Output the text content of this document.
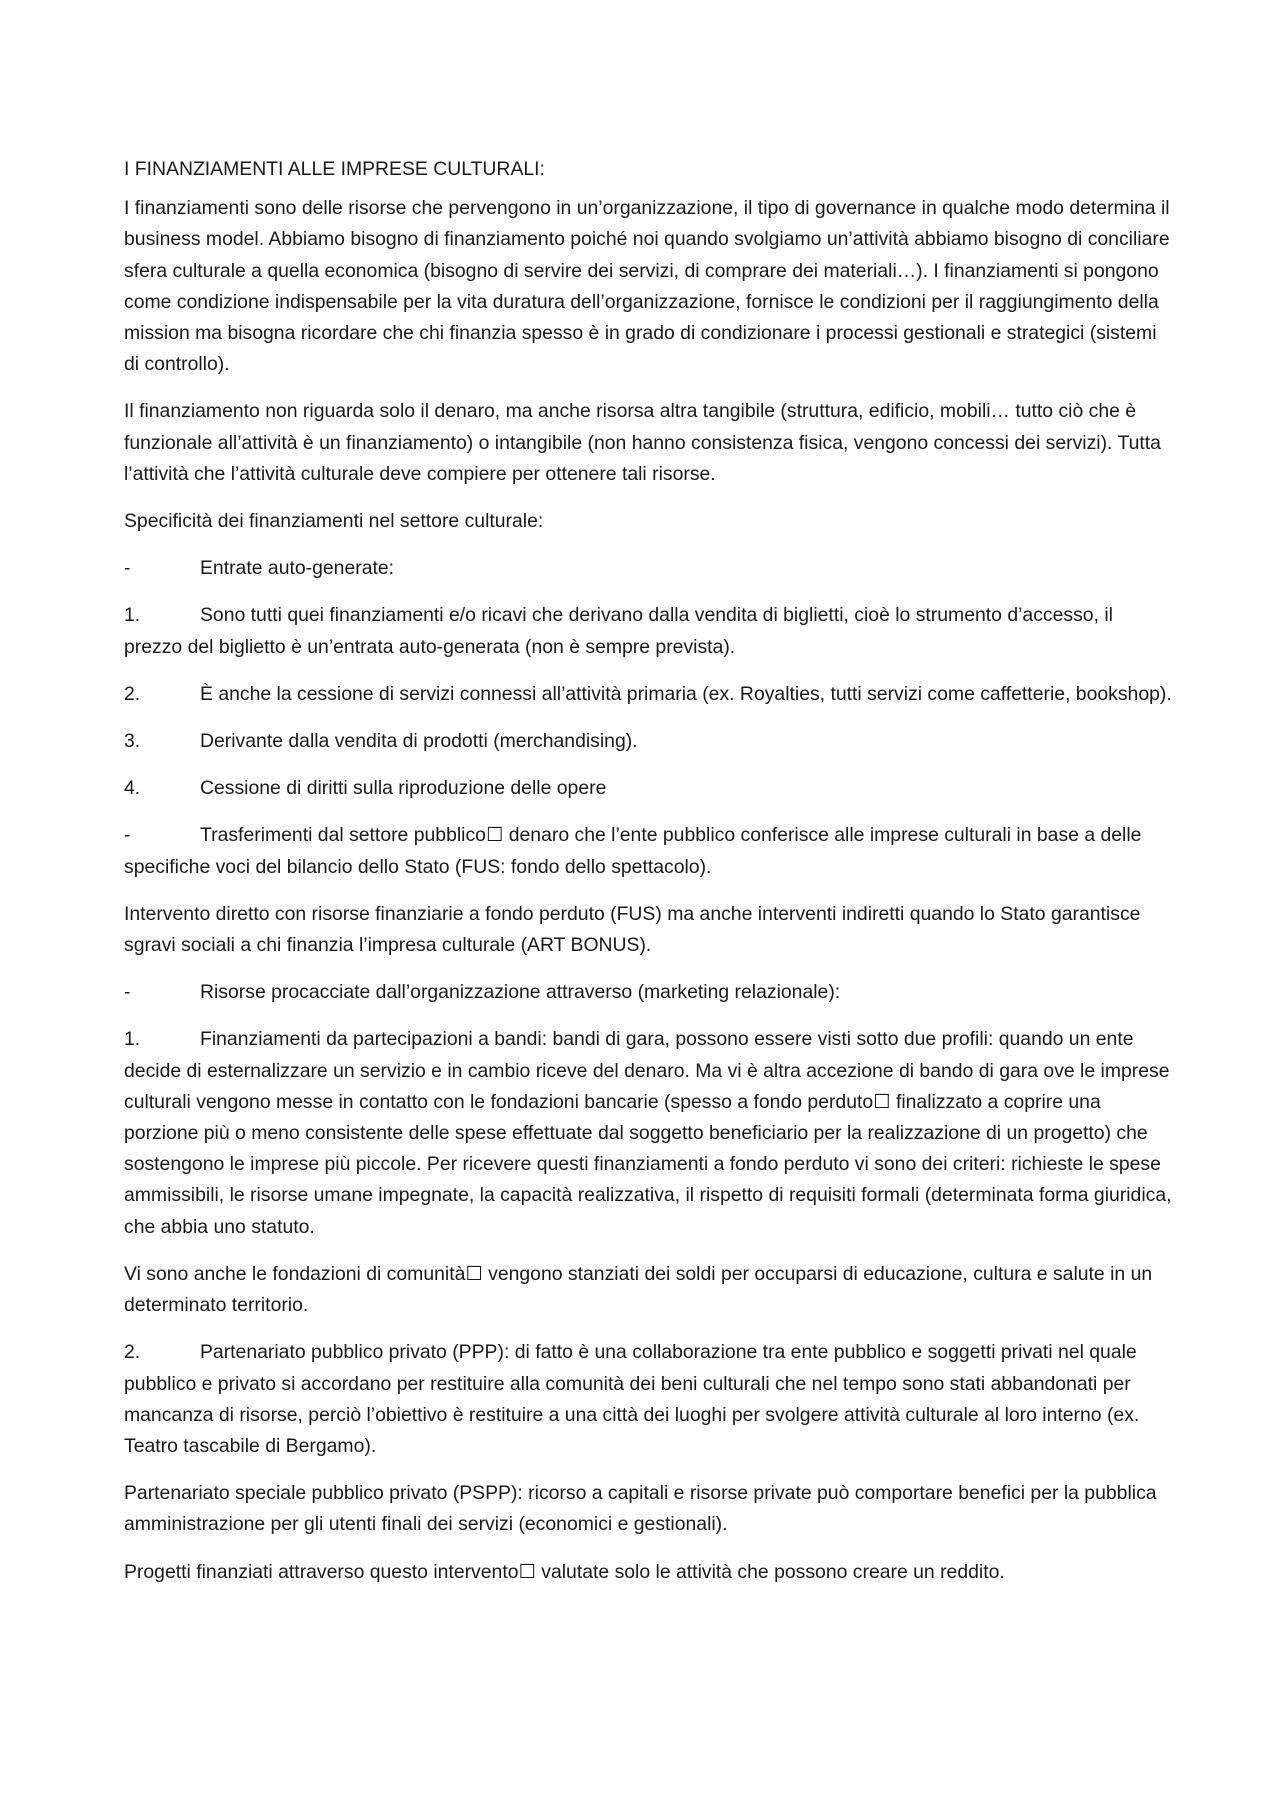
I FINANZIAMENTI ALLE IMPRESE CULTURALI:

I finanziamenti sono delle risorse che pervengono in un’organizzazione, il tipo di governance in qualche modo determina il business model. Abbiamo bisogno di finanziamento poiché noi quando svolgiamo un’attività abbiamo bisogno di conciliare sfera culturale a quella economica (bisogno di servire dei servizi, di comprare dei materiali…). I finanziamenti si pongono come condizione indispensabile per la vita duratura dell’organizzazione, fornisce le condizioni per il raggiungimento della mission ma bisogna ricordare che chi finanzia spesso è in grado di condizionare i processi gestionali e strategici (sistemi di controllo).

Il finanziamento non riguarda solo il denaro, ma anche risorsa altra tangibile (struttura, edificio, mobili… tutto ciò che è funzionale all’attività è un finanziamento) o intangibile (non hanno consistenza fisica, vengono concessi dei servizi). Tutta l’attività che l’attività culturale deve compiere per ottenere tali risorse.

Specificità dei finanziamenti nel settore culturale:

-	Entrate auto-generate:
1.	Sono tutti quei finanziamenti e/o ricavi che derivano dalla vendita di biglietti, cioè lo strumento d’accesso, il prezzo del biglietto è un’entrata auto-generata (non è sempre prevista).
2.	È anche la cessione di servizi connessi all’attività primaria (ex. Royalties, tutti servizi come caffetterie, bookshop).
3.	Derivante dalla vendita di prodotti (merchandising).
4.	Cessione di diritti sulla riproduzione delle opere
-	Trasferimenti dal settore pubblico☐ denaro che l’ente pubblico conferisce alle imprese culturali in base a delle specifiche voci del bilancio dello Stato (FUS: fondo dello spettacolo).

Intervento diretto con risorse finanziarie a fondo perduto (FUS) ma anche interventi indiretti quando lo Stato garantisce sgravi sociali a chi finanzia l’impresa culturale (ART BONUS).

-	Risorse procacciate dall’organizzazione attraverso (marketing relazionale):
1.	Finanziamenti da partecipazioni a bandi: bandi di gara, possono essere visti sotto due profili: quando un ente decide di esternalizzare un servizio e in cambio riceve del denaro. Ma vi è altra accezione di bando di gara ove le imprese culturali vengono messe in contatto con le fondazioni bancarie (spesso a fondo perduto☐ finalizzato a coprire una porzione più o meno consistente delle spese effettuate dal soggetto beneficiario per la realizzazione di un progetto) che sostengono le imprese più piccole. Per ricevere questi finanziamenti a fondo perduto vi sono dei criteri: richieste le spese ammissibili, le risorse umane impegnate, la capacità realizzativa, il rispetto di requisiti formali (determinata forma giuridica, che abbia uno statuto.

Vi sono anche le fondazioni di comunità☐ vengono stanziati dei soldi per occuparsi di educazione, cultura e salute in un determinato territorio.

2.	Partenariato pubblico privato (PPP): di fatto è una collaborazione tra ente pubblico e soggetti privati nel quale pubblico e privato si accordano per restituire alla comunità dei beni culturali che nel tempo sono stati abbandonati per mancanza di risorse, perciò l’obiettivo è restituire a una città dei luoghi per svolgere attività culturale al loro interno (ex. Teatro tascabile di Bergamo).

Partenariato speciale pubblico privato (PSPP): ricorso a capitali e risorse private può comportare benefici per la pubblica amministrazione per gli utenti finali dei servizi (economici e gestionali).

Progetti finanziati attraverso questo intervento☐ valutate solo le attività che possono creare un reddito.
